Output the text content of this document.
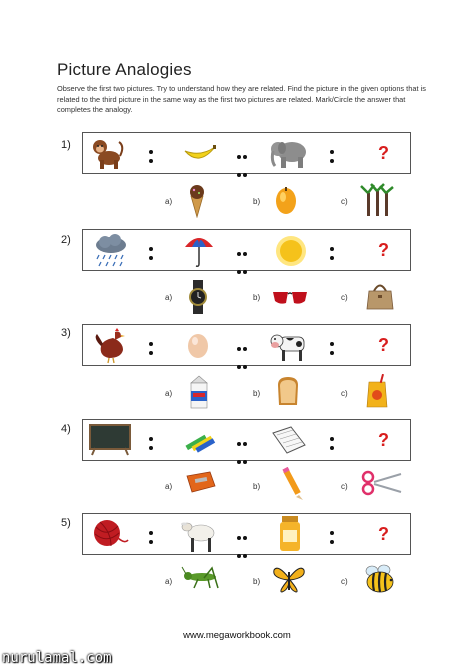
Picture Analogies
Observe the first two pictures. Try to understand how they are related. Find the picture in the given options that is related to the third picture in the same way as the first two pictures are related. Mark/Circle the answer that completes the analogy.
1)	?
a)	b)	c)
2)	?
a)	b)	c)
3)

?
a)	b)	c)
4)

?
a)	b)	c)
5)

?
a)	b)	c)
www.megaworkbook.com
nurulamal.com
